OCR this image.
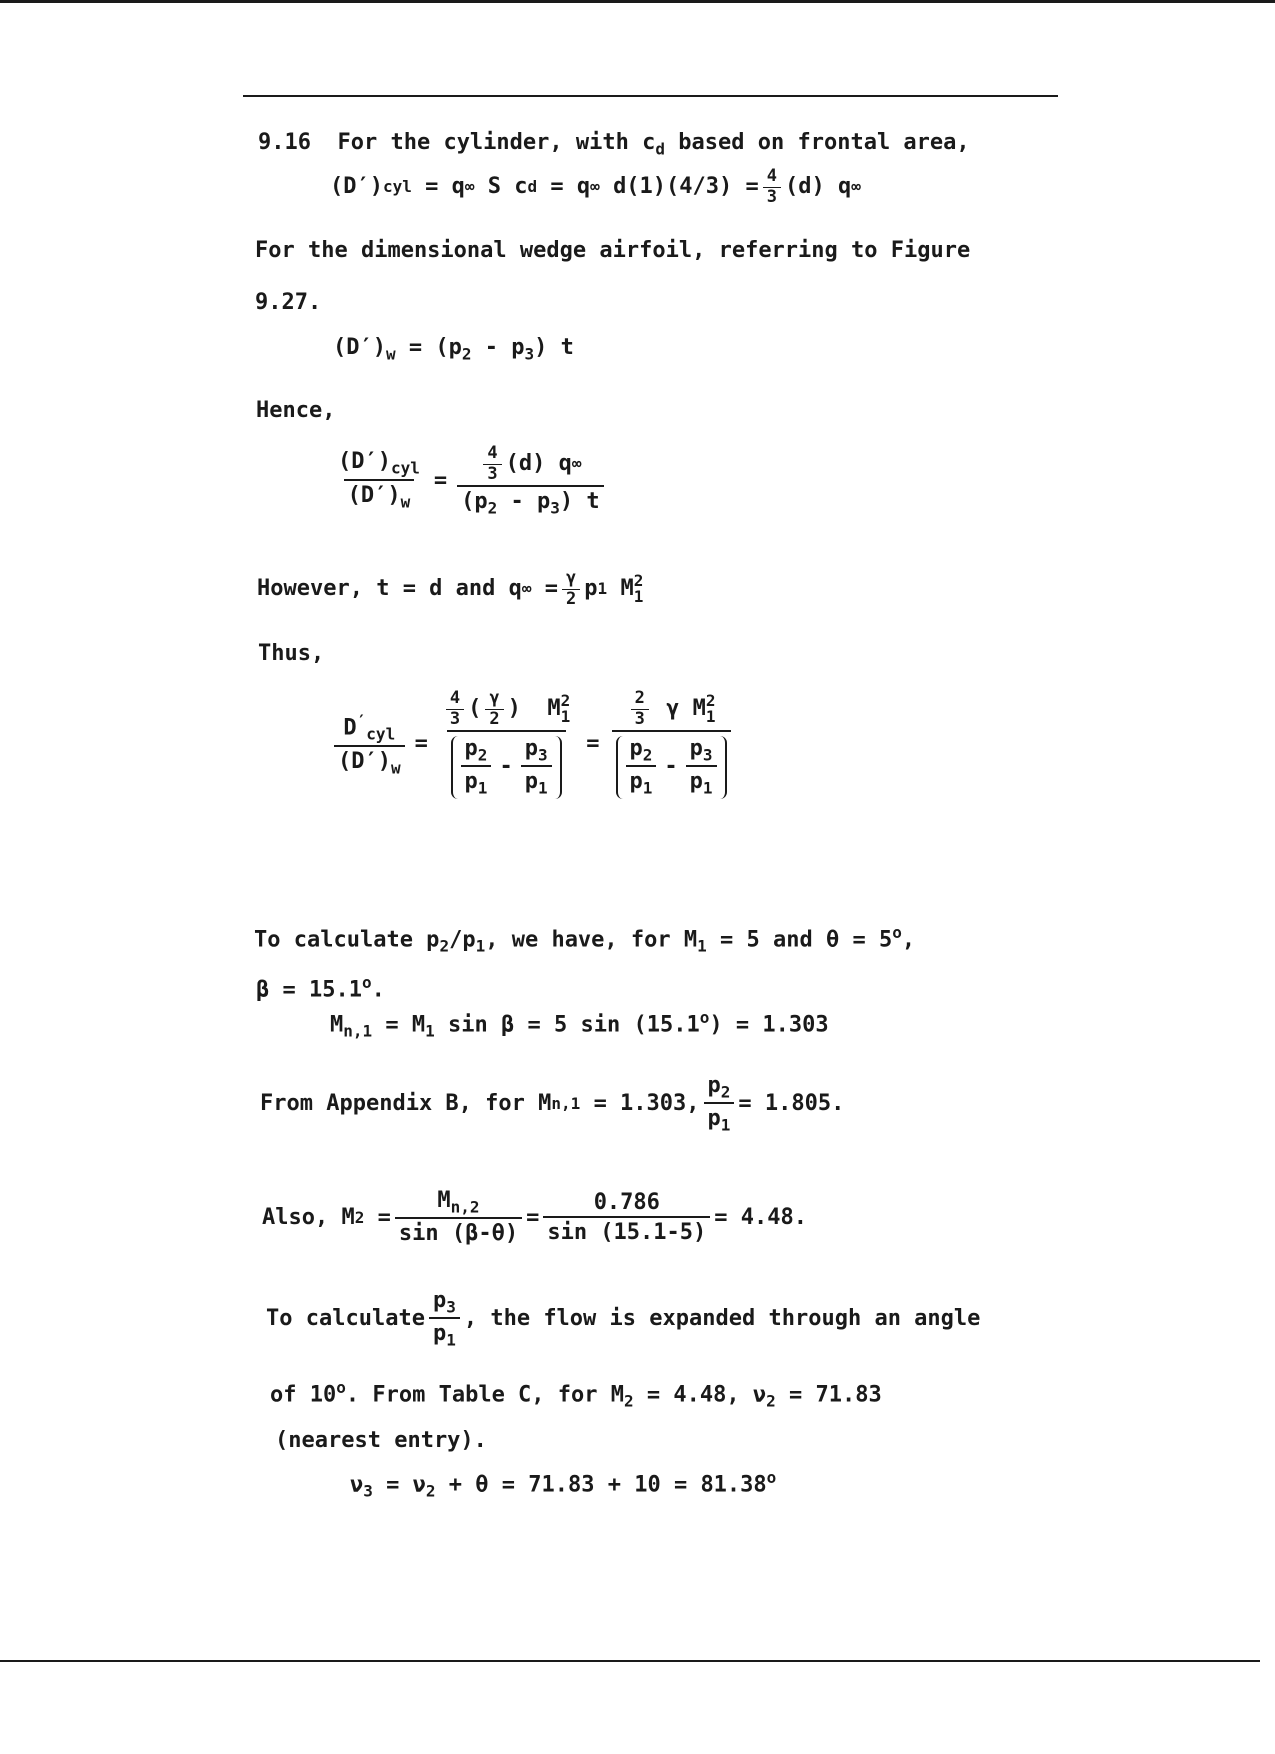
9.16 For the cylinder, with $c_d$ based on frontal area,
(D′) cyl
= q ∞
S c d
= q ∞
$d(1)(4/3) = \frac{4}{3} (d)$ q ∞
For the dimensional wedge airfoil, referring to Figure
9.27.
$(D')_w = (p_2 - p_3)$ t
Hence,
$\frac{(D')_{cyl}}{(D')_w} = \frac{\frac{4}{3} (d) q \infty}{(p_2 - p_3) t}$
However, t = d and q ∞
= $\frac{\gamma}{2}$ p 1
M 2
1
Thus,
$\frac{D'_{cyl}}{(D')_w} = \frac{4}{3}$ ( $\frac{\gamma}{2}$ ) M 2
1
$\frac{p_2}{p_1} - \frac{p_3}{p_1} = \frac{2}{3}$
γ
M 2
1
$\frac{p_2}{p_1} - \frac{p_3}{p_1}$
To calculate $p_2/p_1$, we have, for $M_1 = 5$ and $\theta = 5^o$,
$\beta = 15.1^o$.
$M_{n,1} = M_1$ sin β = 5 $\sin (15.1^o) = 1.303$
From Appendix B, for M n,1
= 1.303, $\frac{p_2}{p_1} = 1.805$.
Also, M 2
= $\frac{M_{n,2}}{\sin (\beta-\theta)} = \frac{0.786}{\sin (15.1-5)} = 4.48$.
To calculate $\frac{p_3}{p_1}$ , the flow is expanded through an angle
of 10$^o$. From Table C, for $M_2 = 4.48$, $\nu_2 = 71.83$
(nearest entry).
$\nu_3 = \nu_2 + \theta = 71.83 + 10 = 81.38^o$
